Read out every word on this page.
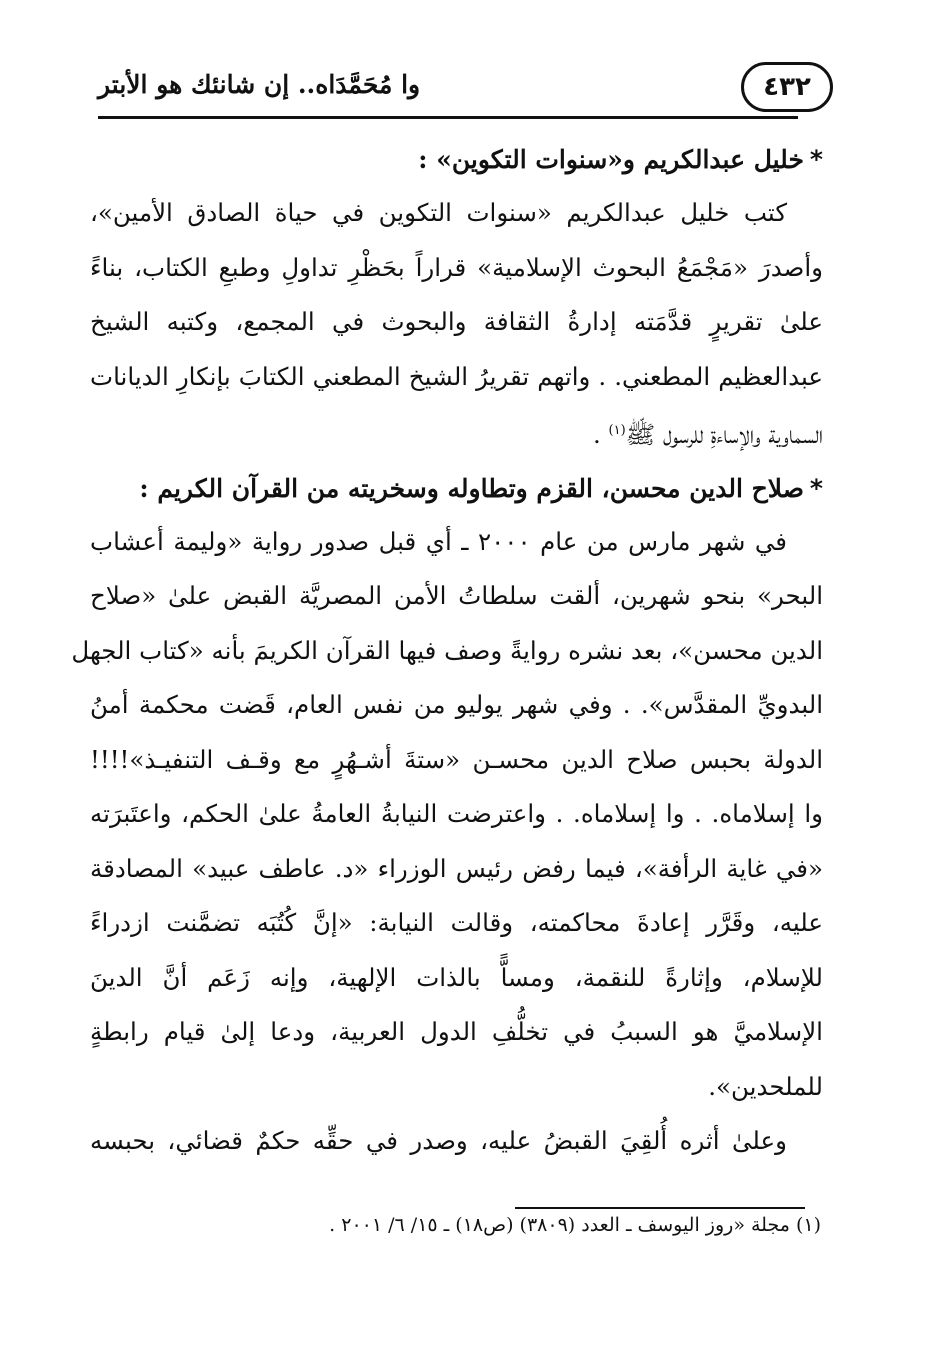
٤٣٢
وا مُحَمَّدَاه.. إن شانئك هو الأبتر
*خليل عبدالكريم و«سنوات التكوين» :
كتب خليل عبدالكريم «سنوات التكوين في حياة الصادق الأمين»،
وأصدرَ «مَجْمَعُ البحوث الإسلامية» قراراً بحَظْرِ تداولِ وطبعِ الكتاب، بناءً
علىٰ تقريرٍ قدَّمَته إدارةُ الثقافة والبحوث في المجمع، وكتبه الشيخ
عبدالعظيم المطعني. . واتهم تقريرُ الشيخ المطعني الكتابَ بإنكارِ الديانات
السماوية والإساءةِ للرسول ﷺ$^{(١)}$ .
*صلاح الدين محسن، القزم وتطاوله وسخريته من القرآن الكريم :
في شهر مارس من عام ٢٠٠٠ ـ أي قبل صدور رواية «وليمة أعشاب
البحر» بنحو شهرين، ألقت سلطاتُ الأمن المصريَّة القبض علىٰ «صلاح
الدين محسن»، بعد نشره روايةً وصف فيها القرآن الكريمَ بأنه «كتاب الجهل
البدويِّ المقدَّس». . وفي شهر يوليو من نفس العام، قَضت محكمة أمنُ
الدولة بحبس صلاح الدين محسـن «ستةَ أشـهُرٍ مع وقـف التنفيـذ»!!!!
وا إسلاماه. . وا إسلاماه. . واعترضت النيابةُ العامةُ علىٰ الحكم، واعتَبرَته
«في غاية الرأفة»، فيما رفض رئيس الوزراء «د. عاطف عبيد» المصادقة
عليه، وقَرَّر إعادةَ محاكمته، وقالت النيابة: «إنَّ كُتُبَه تضمَّنت ازدراءً
للإسلام، وإثارةً للنقمة، ومساًّ بالذات الإلهية، وإنه زَعَم أنَّ الدينَ
الإسلاميَّ هو السببُ في تخلُّفِ الدول العربية، ودعا إلىٰ قيام رابطةٍ
للملحدين».
وعلىٰ أثره أُلقِيَ القبضُ عليه، وصدر في حقِّه حكمٌ قضائي، بحبسه
(١) مجلة «روز اليوسف ـ العدد (٣٨٠٩) (ص١٨) ـ ١٥/ ٦/ ٢٠٠١ .
